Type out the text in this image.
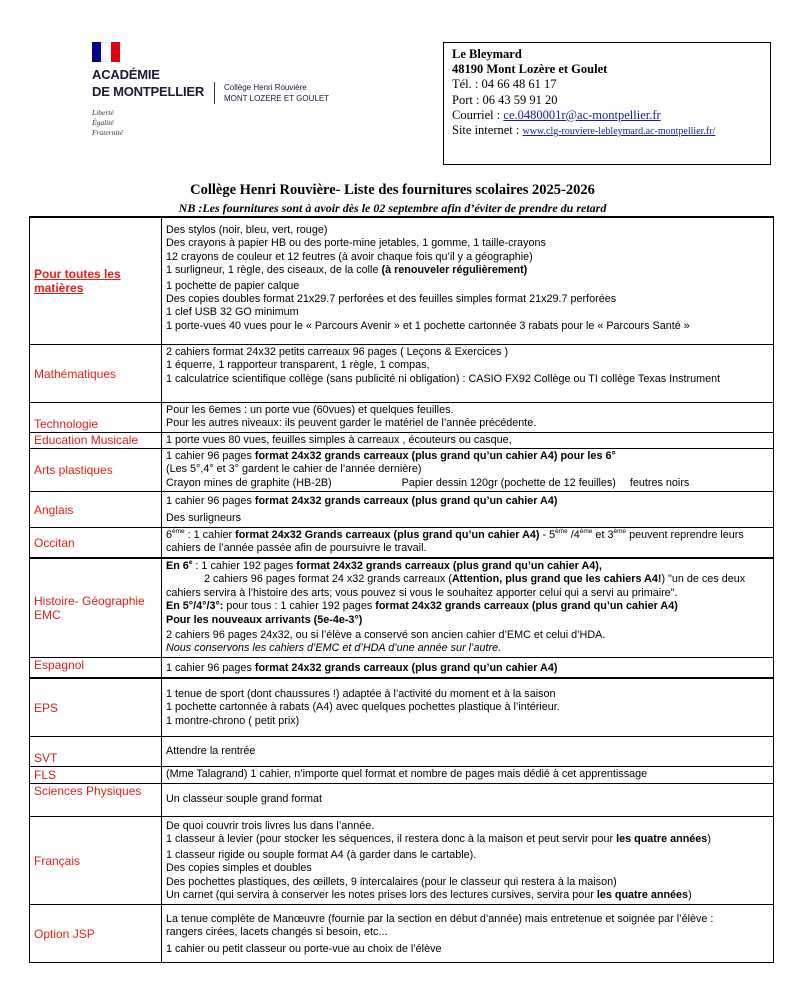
ACADÉMIE
DE MONTPELLIER
Liberté
Égalité
Fraternité
Collège Henri Rouvière
MONT LOZERE ET GOULET
Le Bleymard
48190 Mont Lozère et Goulet
Tél. : 04 66 48 61 17
Port : 06 43 59 91 20
Courriel : ce.0480001r@ac-montpellier.fr
Site internet : www.clg-rouviere-lebleymard.ac-montpellier.fr/
Collège Henri Rouvière- Liste des fournitures scolaires 2025-2026
NB :Les fournitures sont à avoir dès le 02 septembre afin d’éviter de prendre du retard
Pour toutes les matières
Des stylos (noir, bleu, vert, rouge)
Des crayons à papier HB ou des porte-mine jetables, 1 gomme, 1 taille-crayons
12 crayons de couleur et 12 feutres (à avoir chaque fois qu’il y a géographie)
1 surligneur, 1 règle, des ciseaux, de la colle (à renouveler régulièrement)
1 pochette de papier calque
Des copies doubles format 21x29.7 perforées et des feuilles simples format 21x29.7 perforées
1 clef USB 32 GO minimum
1 porte-vues 40 vues pour le « Parcours Avenir » et 1 pochette cartonnée 3 rabats pour le « Parcours Santé »
Mathématiques
2 cahiers format 24x32 petits carreaux 96 pages ( Leçons & Exercices )
1 équerre, 1 rapporteur transparent, 1 règle, 1 compas,
1 calculatrice scientifique collège (sans publicité ni obligation) : CASIO FX92 Collège ou TI collège Texas Instrument
Technologie
Pour les 6emes : un porte vue (60vues) et quelques feuilles.
Pour les autres niveaux: ils peuvent garder le matériel de l’année précédente.
Education Musicale	1 porte vues 80 vues, feuilles simples à carreaux , écouteurs ou casque,
Arts plastiques
1 cahier 96 pages format 24x32 grands carreaux (plus grand qu’un cahier A4) pour les 6°
(Les 5°,4° et 3° gardent le cahier de l’année dernière)
Crayon mines de graphite (HB-2B)	Papier dessin 120gr (pochette de 12 feuilles) feutres noirs
Anglais
1 cahier 96 pages format 24x32 grands carreaux (plus grand qu’un cahier A4)
Des surligneurs
Occitan
6ème : 1 cahier format 24x32 Grands carreaux (plus grand qu’un cahier A4) - 5ème /4ème et 3ème peuvent reprendre leurs
cahiers de l’année passée afin de poursuivre le travail.
Histoire- Géographie EMC
En 6e : 1 cahier 192 pages format 24x32 grands carreaux (plus grand qu’un cahier A4),
2 cahiers 96 pages format 24 x32 grands carreaux (Attention, plus grand que les cahiers A4!) "un de ces deux
cahiers servira à l’histoire des arts; vous pouvez si vous le souhaitez apporter celui qui a servi au primaire".
En 5°/4°/3°: pour tous : 1 cahier 192 pages format 24x32 grands carreaux (plus grand qu’un cahier A4)
Pour les nouveaux arrivants (5e-4e-3°)
2 cahiers 96 pages 24x32, ou si l’élève a conservé son ancien cahier d’EMC et celui d’HDA.
Nous conservons les cahiers d’EMC et d’HDA d’une année sur l’autre.
Espagnol	1 cahier 96 pages format 24x32 grands carreaux (plus grand qu’un cahier A4)
EPS
1 tenue de sport (dont chaussures !) adaptée à l’activité du moment et à la saison
1 pochette cartonnée à rabats (A4) avec quelques pochettes plastique à l’intérieur.
1 montre-chrono ( petit prix)
SVT	Attendre la rentrée
FLS	(Mme Talagrand) 1 cahier, n’importe quel format et nombre de pages mais dédié à cet apprentissage
Sciences Physiques
Un classeur souple grand format
Français
De quoi couvrir trois livres lus dans l’année.
1 classeur à levier (pour stocker les séquences, il restera donc à la maison et peut servir pour les quatre années)
1 classeur rigide ou souple format A4 (à garder dans le cartable).
Des copies simples et doubles
Des pochettes plastiques, des œillets, 9 intercalaires (pour le classeur qui restera à la maison)
Un carnet (qui servira à conserver les notes prises lors des lectures cursives, servira pour les quatre années)
Option JSP
La tenue complète de Manœuvre (fournie par la section en début d’année) mais entretenue et soignée par l’élève :
rangers cirées, lacets changés si besoin, etc...
1 cahier ou petit classeur ou porte-vue au choix de l’élève
